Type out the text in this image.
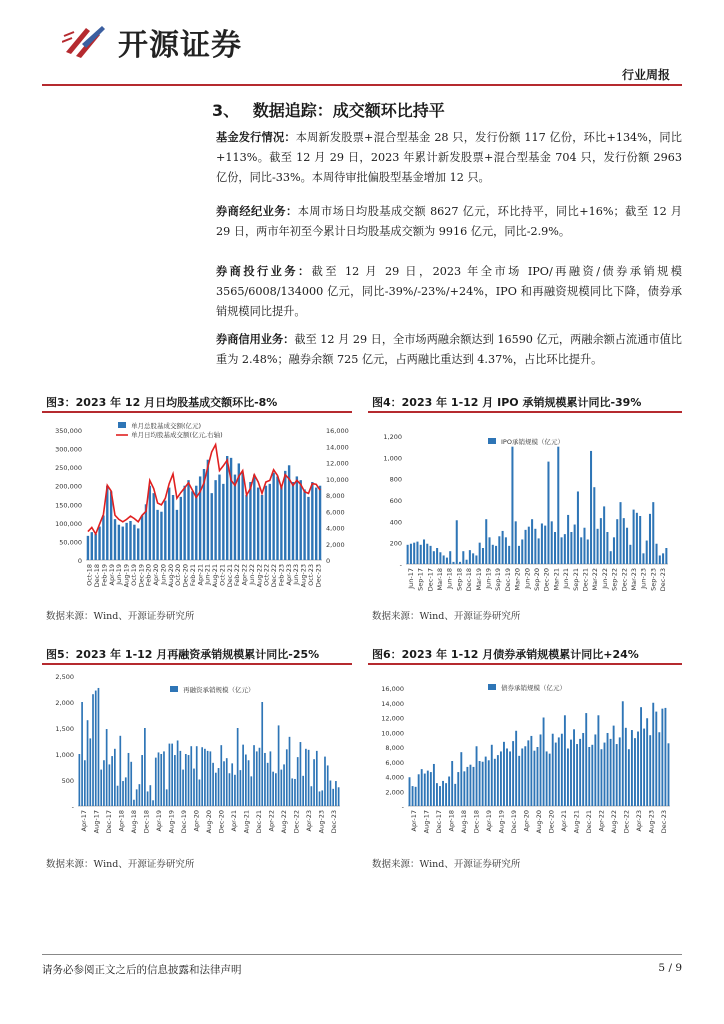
开源证券
行业周报
3、 数据追踪：成交额环比持平
基金发行情况：本周新发股票+混合型基金 28 只，发行份额 117 亿份，环比+134%，同比+113%。截至 12 月 29 日，2023 年累计新发股票+混合型基金 704 只，发行份额 2963 亿份，同比-33%。本周待审批偏股型基金增加 12 只。
券商经纪业务：本周市场日均股基成交额 8627 亿元，环比持平，同比+16%；截至 12 月 29 日，两市年初至今累计日均股基成交额为 9916 亿元，同比-2.9%。
券商投行业务：截至 12 月 29 日，2023 年全市场 IPO/再融资/债券承销规模 3565/6008/134000 亿元，同比-39%/-23%/+24%，IPO 和再融资规模同比下降，债券承销规模同比提升。
券商信用业务：截至 12 月 29 日，全市场两融余额达到 16590 亿元，两融余额占流通市值比重为 2.48%；融券余额 725 亿元，占两融比重达到 4.37%，占比环比提升。
图3：2023 年 12 月日均股基成交额环比-8%	图4：2023 年 1-12 月 IPO 承销规模累计同比-39%
图5：2023 年 1-12 月再融资承销规模累计同比-25%	图6：2023 年 1-12 月债券承销规模累计同比+24%
0
50,000
100,000
150,000
200,000
250,000
300,000
350,000
0
2,000
4,000
6,000
8,000
10,000
12,000
14,000
16,000
Oct-18 Dec-18 Feb-19 Apr-19 Jun-19 Aug-19 Oct-19 Dec-19 Feb-20 Apr-20 Jun-20 Aug-20 Oct-20 Dec-20 Feb-21 Apr-21 Jun-21 Aug-21 Oct-21 Dec-21 Feb-22 Apr-22 Jun-22 Aug-22 Oct-22 Dec-22 Feb-23 Apr-23 Jun-23 Aug-23 Oct-23 Dec-23
单月总股基成交额(亿元)
单月日均股基成交额(亿元,右轴)
-
200
400
600
800
1,000
1,200
Jun-17 Sep-17 Dec-17 Mar-18 Jun-18 Sep-18 Dec-18 Mar-19 Jun-19 Sep-19 Dec-19 Mar-20 Jun-20 Sep-20 Dec-20 Mar-21 Jun-21 Sep-21 Dec-21 Mar-22 Jun-22 Sep-22 Dec-22 Mar-23 Jun-23 Sep-23 Dec-23
IPO承销规模（亿元）
-
500
1,000
1,500
2,000
2,500
Apr-17 Aug-17 Dec-17 Apr-18 Aug-18 Dec-18 Apr-19 Aug-19 Dec-19 Apr-20 Aug-20 Dec-20 Apr-21 Aug-21 Dec-21 Apr-22 Aug-22 Dec-22 Apr-23 Aug-23 Dec-23
再融资承销规模（亿元）
-
2,000
4,000
6,000
8,000
10,000
12,000
14,000
16,000
Apr-17 Aug-17 Dec-17 Apr-18 Aug-18 Dec-18 Apr-19 Aug-19 Dec-19 Apr-20 Aug-20 Dec-20 Apr-21 Aug-21 Dec-21 Apr-22 Aug-22 Dec-22 Apr-23 Aug-23 Dec-23
债券承销规模（亿元）
数据来源：Wind、开源证券研究所	数据来源：Wind、开源证券研究所
数据来源：Wind、开源证券研究所	数据来源：Wind、开源证券研究所
请务必参阅正文之后的信息披露和法律声明	5 / 9
